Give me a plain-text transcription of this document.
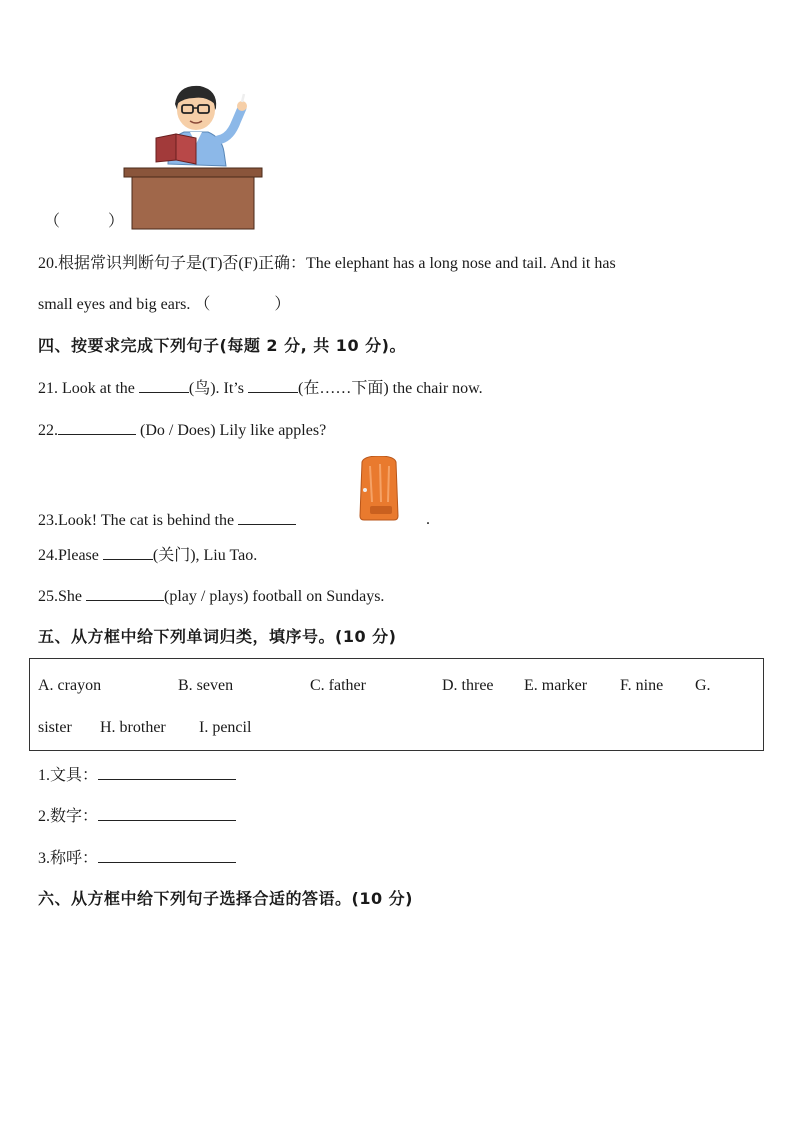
（　　　）
20.根据常识判断句子是(T)否(F)正确：The elephant has a long nose and tail. And it has
small eyes and big ears. （　　　　）
四、按要求完成下列句子(每题 2 分, 共 10 分)。
21. Look at the	(鸟). It’s	(在……下面) the chair now.
22.	(Do / Does) Lily like apples?
23.Look! The cat is behind the	.
24.Please	(关门), Liu Tao.
25.She	(play / plays) football on Sundays.
五、从方框中给下列单词归类，填序号。(10 分)
A. crayon	B. seven	C. father	D. three E. marker F. nine G.
sister H. brother I. pencil
1.文具：
2.数字：
3.称呼：
六、从方框中给下列句子选择合适的答语。(10 分)
